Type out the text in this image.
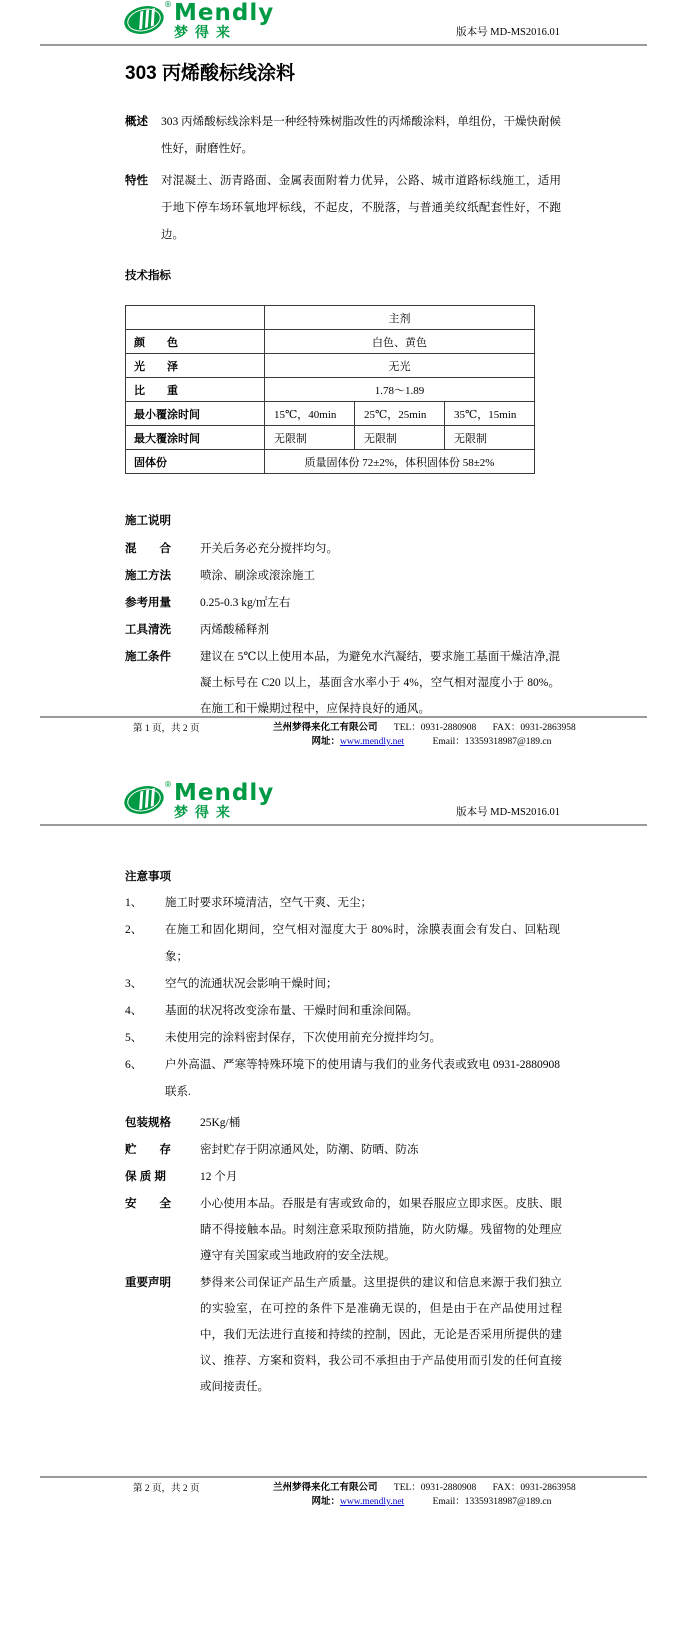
® Mendly
梦得来	版本号 MD-MS2016.01
303 丙烯酸标线涂料
概述	303 丙烯酸标线涂料是一种经特殊树脂改性的丙烯酸涂料，单组份，干燥快耐候性好，耐磨性好。
特性	对混凝土、沥青路面、金属表面附着力优异，公路、城市道路标线施工，适用于地下停车场环氧地坪标线，不起皮，不脱落，与普通美纹纸配套性好，不跑边。
技术指标
	主剂		
颜　　色	白色、黄色		
光　　泽	无光		
比　　重	1.78～1.89		
最小覆涂时间	15℃，40min	25℃，25min	35℃，15min
最大覆涂时间	无限制	无限制	无限制
固体份	质量固体份 72±2%，体积固体份 58±2%		
施工说明
混　　合	开关后务必充分搅拌均匀。
施工方法	喷涂、刷涂或滚涂施工
参考用量	0.25-0.3 kg/㎡左右
工具清洗	丙烯酸稀释剂
施工条件	建议在 5℃以上使用本品，为避免水汽凝结，要求施工基面干燥洁净,混凝土标号在 C20 以上，基面含水率小于 4%，空气相对湿度小于 80%。在施工和干燥期过程中，应保持良好的通风。
第 1 页，共 2 页	兰州梦得来化工有限公司 TEL：0931-2880908 FAX：0931-2863958
网址：www.mendly.net	Email：13359318987@189.cn
® Mendly
梦得来	版本号 MD-MS2016.01
注意事项
1、	施工时要求环境清洁，空气干爽、无尘；
2、	在施工和固化期间，空气相对湿度大于 80%时，涂膜表面会有发白、回粘现象；
3、	空气的流通状况会影响干燥时间；
4、	基面的状况将改变涂布量、干燥时间和重涂间隔。
5、	未使用完的涂料密封保存，下次使用前充分搅拌均匀。
6、	户外高温、严寒等特殊环境下的使用请与我们的业务代表或致电 0931-2880908 联系.
包装规格	25Kg/桶
贮　　存	密封贮存于阴凉通风处，防潮、防晒、防冻
保 质 期	12 个月
安　　全	小心使用本品。吞服是有害或致命的，如果吞服应立即求医。皮肤、眼睛不得接触本品。时刻注意采取预防措施，防火防爆。残留物的处理应遵守有关国家或当地政府的安全法规。
重要声明	梦得来公司保证产品生产质量。这里提供的建议和信息来源于我们独立的实验室，在可控的条件下是准确无误的，但是由于在产品使用过程中，我们无法进行直接和持续的控制，因此，无论是否采用所提供的建议、推荐、方案和资料，我公司不承担由于产品使用而引发的任何直接或间接责任。
第 2 页，共 2 页	兰州梦得来化工有限公司 TEL：0931-2880908 FAX：0931-2863958
网址：www.mendly.net	Email：13359318987@189.cn
